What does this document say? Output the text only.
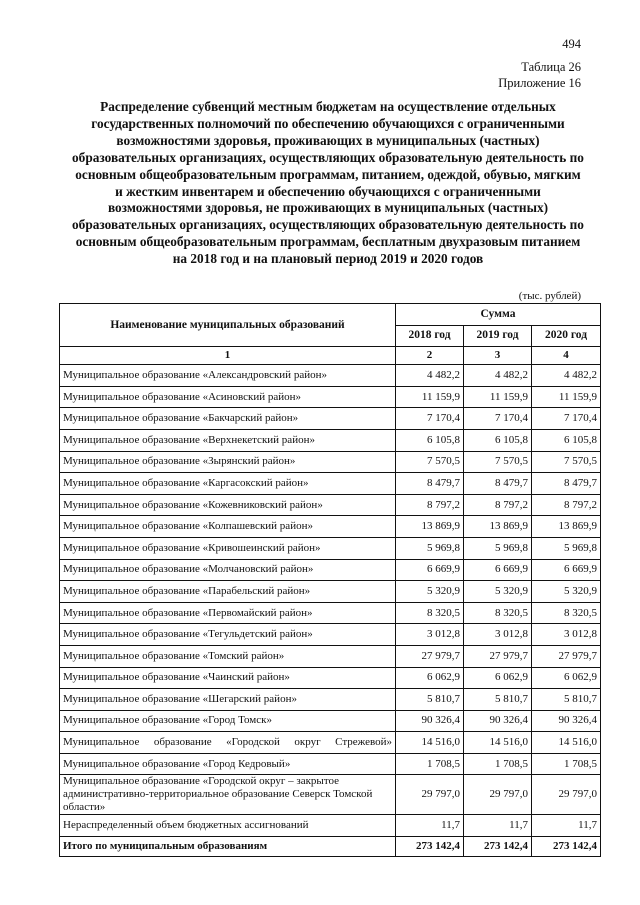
494
Таблица 26
Приложение 16
Распределение субвенций местным бюджетам на осуществление отдельных государственных полномочий по обеспечению обучающихся с ограниченными возможностями здоровья, проживающих в муниципальных (частных) образовательных организациях, осуществляющих образовательную деятельность по основным общеобразовательным программам, питанием, одеждой, обувью, мягким и жестким инвентарем и обеспечению обучающихся с ограниченными возможностями здоровья, не проживающих в муниципальных (частных) образовательных организациях, осуществляющих образовательную деятельность по основным общеобразовательным программам, бесплатным двухразовым питанием на 2018 год и на плановый период 2019 и 2020 годов
(тыс. рублей)
Наименование муниципальных образований	Сумма		
	2018 год	2019 год	2020 год
1	2	3	4
Муниципальное образование «Александровский район»	4 482,2	4 482,2	4 482,2
Муниципальное образование «Асиновский район»	11 159,9	11 159,9	11 159,9
Муниципальное образование «Бакчарский район»	7 170,4	7 170,4	7 170,4
Муниципальное образование «Верхнекетский район»	6 105,8	6 105,8	6 105,8
Муниципальное образование «Зырянский район»	7 570,5	7 570,5	7 570,5
Муниципальное образование «Каргасокский район»	8 479,7	8 479,7	8 479,7
Муниципальное образование «Кожевниковский район»	8 797,2	8 797,2	8 797,2
Муниципальное образование «Колпашевский район»	13 869,9	13 869,9	13 869,9
Муниципальное образование «Кривошеинский район»	5 969,8	5 969,8	5 969,8
Муниципальное образование «Молчановский район»	6 669,9	6 669,9	6 669,9
Муниципальное образование «Парабельский район»	5 320,9	5 320,9	5 320,9
Муниципальное образование «Первомайский район»	8 320,5	8 320,5	8 320,5
Муниципальное образование «Тегульдетский район»	3 012,8	3 012,8	3 012,8
Муниципальное образование «Томский район»	27 979,7	27 979,7	27 979,7
Муниципальное образование «Чаинский район»	6 062,9	6 062,9	6 062,9
Муниципальное образование «Шегарский район»	5 810,7	5 810,7	5 810,7
Муниципальное образование «Город Томск»	90 326,4	90 326,4	90 326,4
Муниципальное образование «Городской округ Стрежевой»	14 516,0	14 516,0	14 516,0
Муниципальное образование «Город Кедровый»	1 708,5	1 708,5	1 708,5
Муниципальное образование «Городской округ – закрытое административно-территориальное образование Северск Томской области»	29 797,0	29 797,0	29 797,0
Нераспределенный объем бюджетных ассигнований	11,7	11,7	11,7
Итого по муниципальным образованиям	273 142,4	273 142,4	273 142,4
